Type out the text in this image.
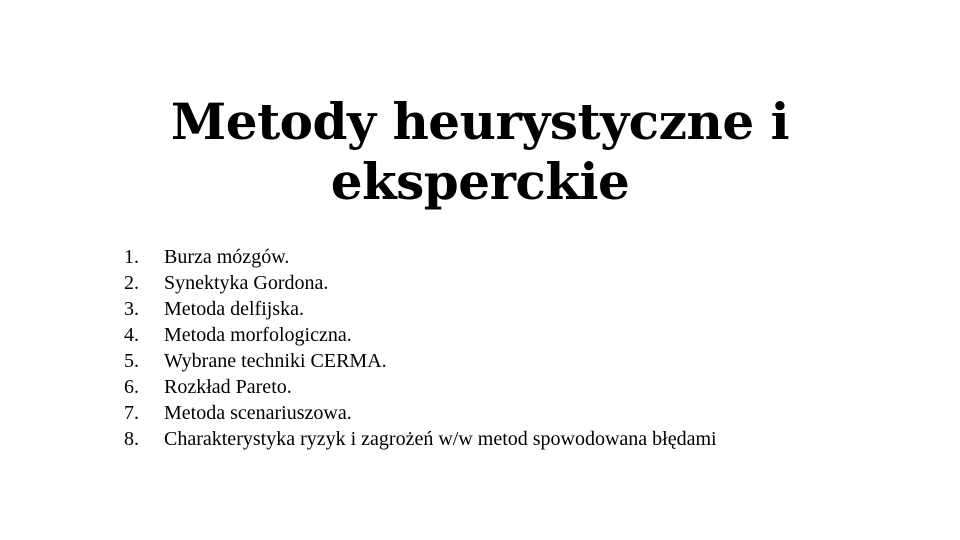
Metody heurystyczne i eksperckie
1.	Burza mózgów.
2.	Synektyka Gordona.
3.	Metoda delfijska.
4.	Metoda morfologiczna.
5.	Wybrane techniki CERMA.
6.	Rozkład Pareto.
7.	Metoda scenariuszowa.
8.	Charakterystyka ryzyk i zagrożeń w/w metod spowodowana błędami
